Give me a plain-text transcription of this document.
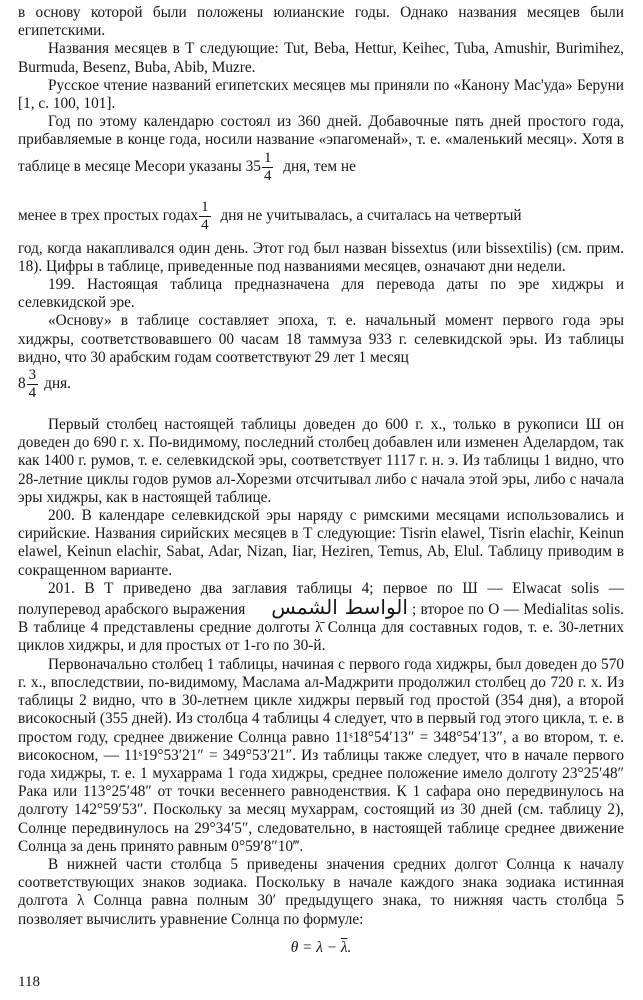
в основу которой были положены юлианские годы. Однако названия месяцев были египетскими.

Названия месяцев в Т следующие: Tut, Beba, Hettur, Keihec, Tuba, Amushir, Burimihez, Burmuda, Besenz, Buba, Abib, Muzre.

Русское чтение названий египетских месяцев мы приняли по «Канону Мас'уда» Беруни [1, с. 100, 101].

Год по этому календарю состоял из 360 дней. Добавочные пять дней простого года, прибавляемые в конце года, носили название «эпагоменай», т. е. «маленький месяц». Хотя в таблице в месяце Месори указаны $35 \frac{1}{4}$ дня, тем не

менее в трех простых годах $\frac{1}{4}$ дня не учитывалась, а считалась на четвертый

год, когда накапливался один день. Этот год был назван bissextus (или bissextilis) (см. прим. 18). Цифры в таблице, приведенные под названиями месяцев, означают дни недели.

199. Настоящая таблица предназначена для перевода даты по эре хиджры и селевкидской эре.

«Основу» в таблице составляет эпоха, т. е. начальный момент первого года эры хиджры, соответствовавшего 00 часам 18 таммуза 933 г. селевкидской эры. Из таблицы видно, что 30 арабским годам соответствуют 29 лет 1 месяц

$8 \frac{3}{4}$ дня.

Первый столбец настоящей таблицы доведен до 600 г. х., только в рукописи Ш он доведен до 690 г. х. По-видимому, последний столбец добавлен или изменен Аделардом, так как 1400 г. румов, т. е. селевкидской эры, соответствует 1117 г. н. э. Из таблицы 1 видно, что 28-летние циклы годов румов ал-Хорезми отсчитывал либо с начала этой эры, либо с начала эры хиджры, как в настоящей таблице.

200. В календаре селевкидской эры наряду с римскими месяцами использовались и сирийские. Названия сирийских месяцев в Т следующие: Tisrin elawel, Tisrin elachir, Keinun elawel, Keinun elachir, Sabat, Adar, Nizan, Iiar, Heziren, Temus, Ab, Elul. Таблицу приводим в сокращенном варианте.

201. В Т приведено два заглавия таблицы 4; первое по Ш — Elwacat solis — полуперевод арабского выражения الواسط الشمس ; второе по О — Medialitas solis. В таблице 4 представлены средние долготы λ̄ Солнца для составных годов, т. е. 30-летних циклов хиджры, и для простых от 1-го по 30-й.

Первоначально столбец 1 таблицы, начиная с первого года хиджры, был доведен до 570 г. х., впоследствии, по-видимому, Маслама ал-Маджрити продолжил столбец до 720 г. х. Из таблицы 2 видно, что в 30-летнем цикле хиджры первый год простой (354 дня), а второй високосный (355 дней). Из столбца 4 таблицы 4 следует, что в первый год этого цикла, т. е. в простом году, среднее движение Солнца равно 11ˢ18°54′13″ = 348°54′13″, а во втором, т. е. високосном, — 11ˢ19°53′21″ = 349°53′21″. Из таблицы также следует, что в начале первого года хиджры, т. е. 1 мухаррама 1 года хиджры, среднее положение имело долготу 23°25′48″ Рака или 113°25′48″ от точки весеннего равноденствия. К 1 сафара оно передвинулось на долготу 142°59′53″. Поскольку за месяц мухаррам, состоящий из 30 дней (см. таблицу 2), Солнце передвинулось на 29°34′5″, следовательно, в настоящей таблице среднее движение Солнца за день принято равным 0°59′8″10‴.

В нижней части столбца 5 приведены значения средних долгот Солнца к началу соответствующих знаков зодиака. Поскольку в начале каждого знака зодиака истинная долгота λ Солнца равна полным 30′ предыдущего знака, то нижняя часть столбца 5 позволяет вычислить уравнение Солнца по формуле:

$\theta = \lambda - \overline{\lambda}$.

118
